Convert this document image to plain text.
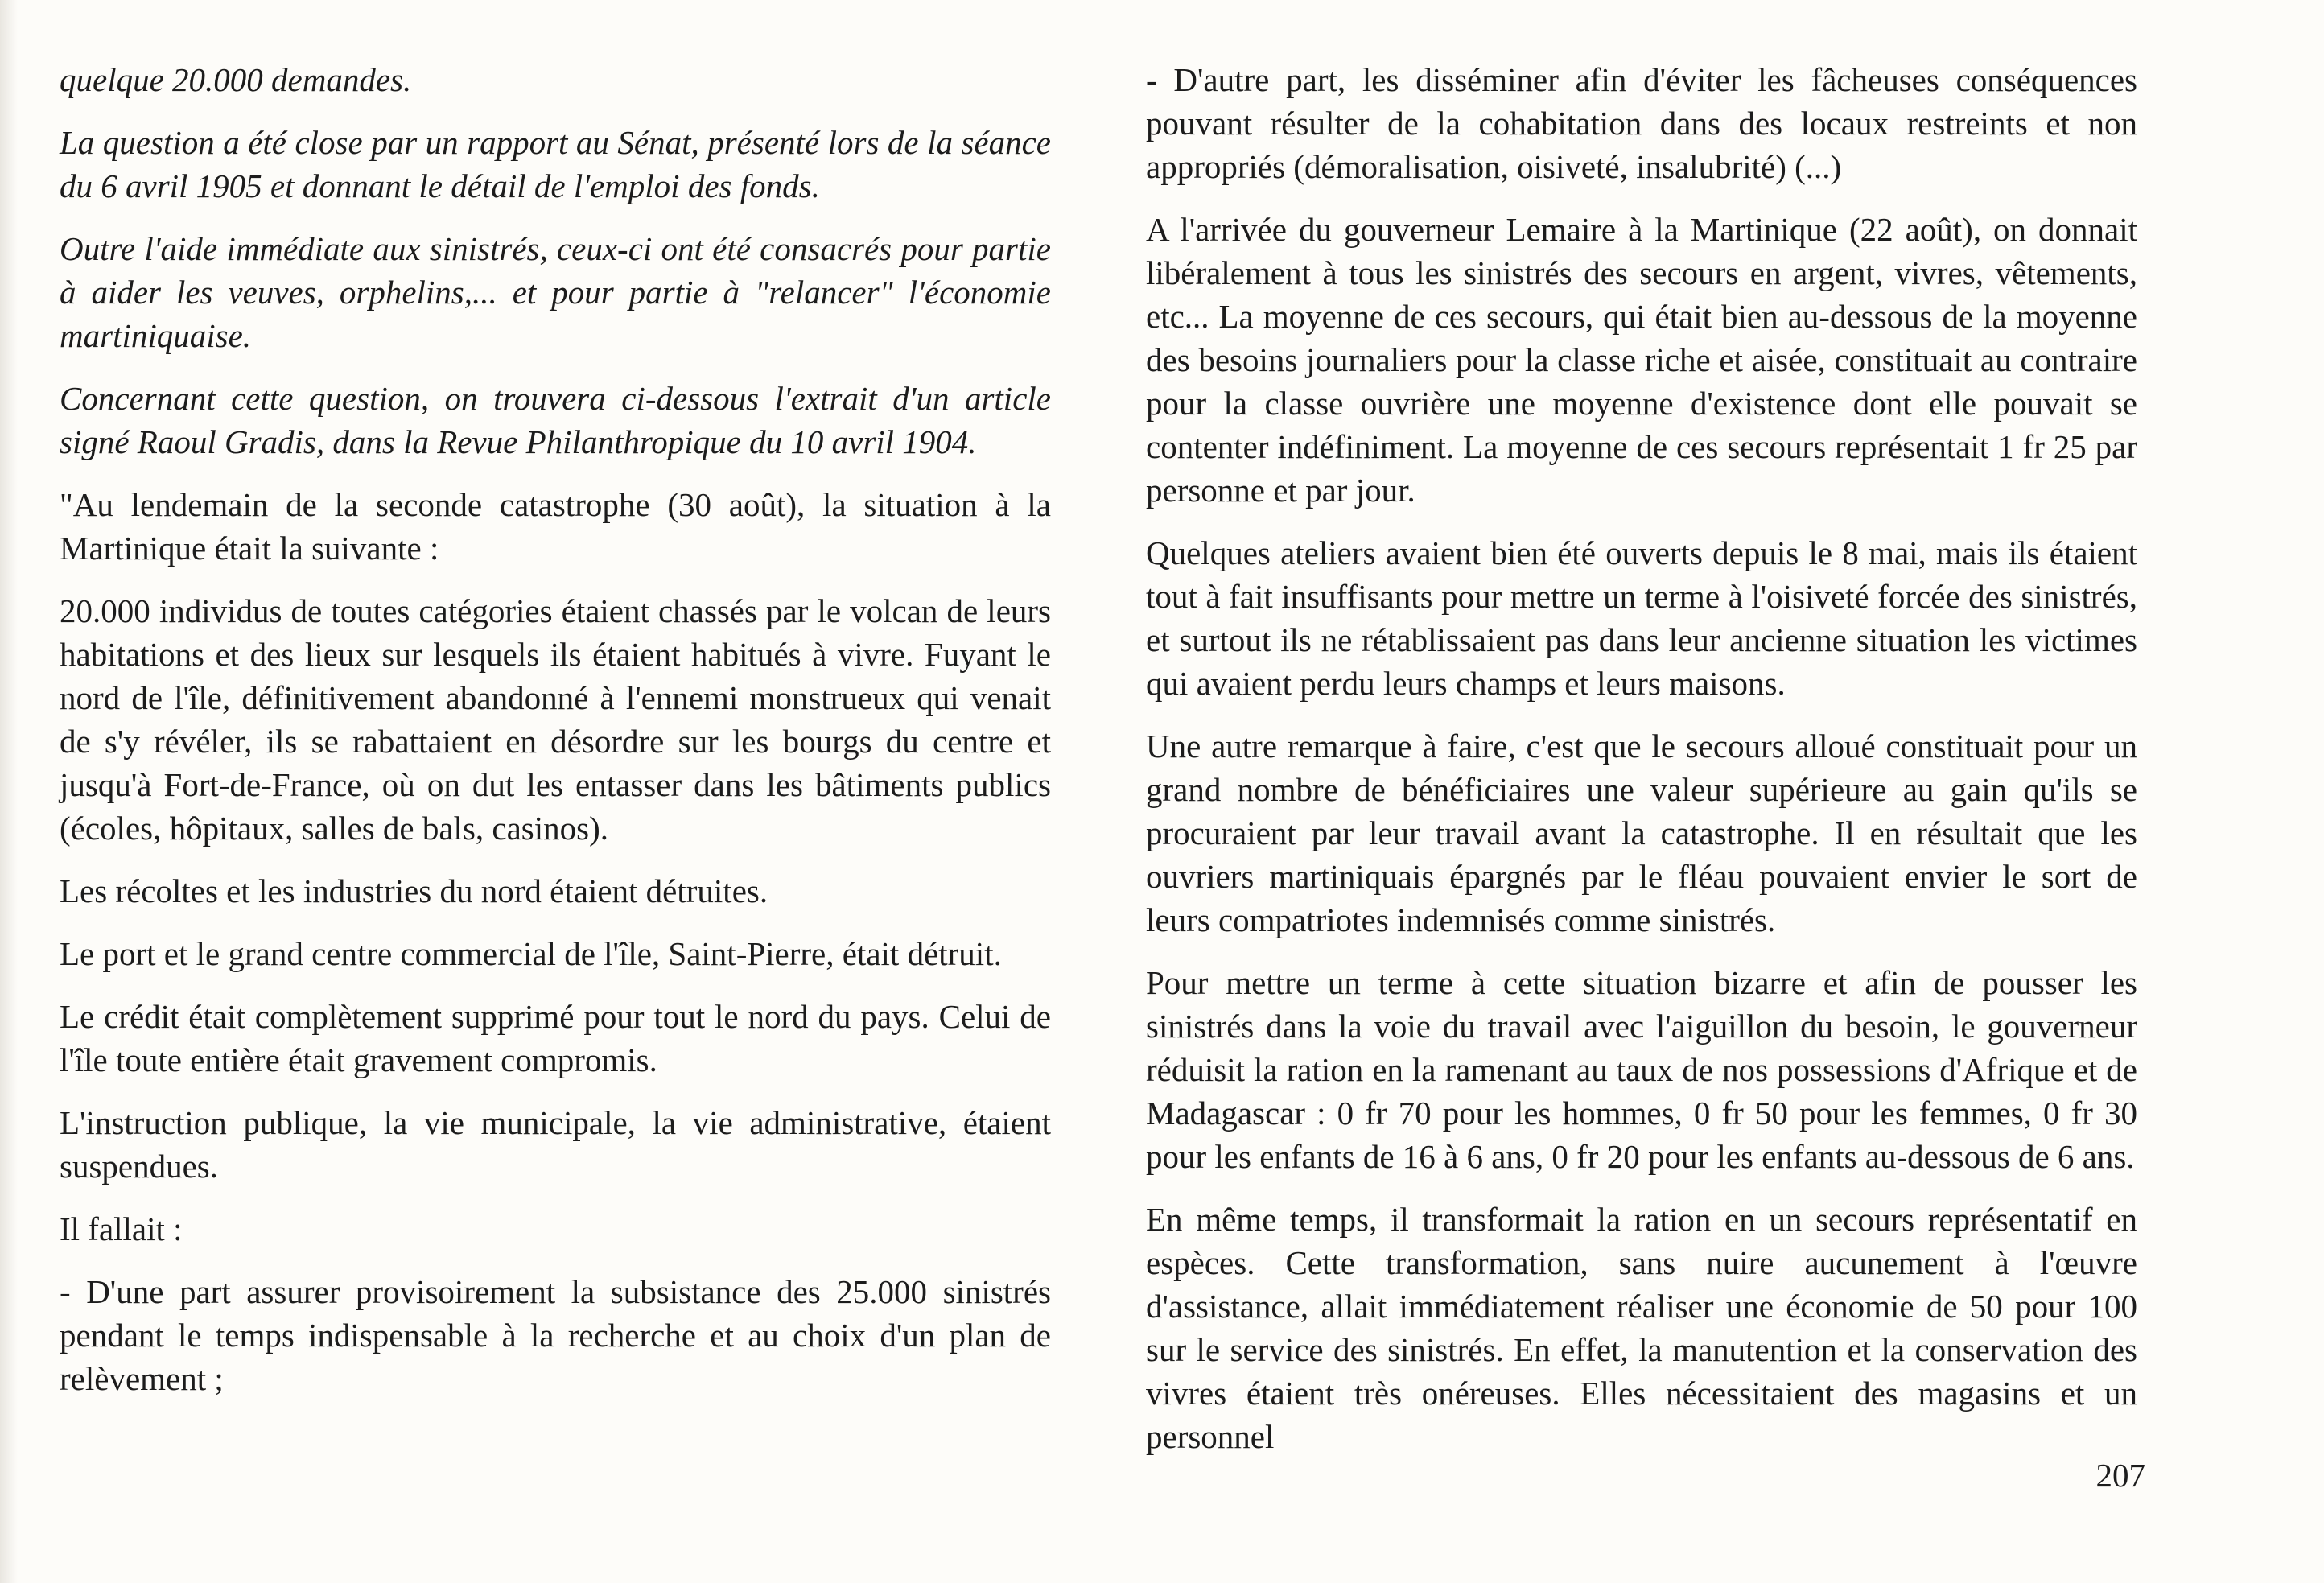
quelque 20.000 demandes.

La question a été close par un rapport au Sénat, présenté lors de la séance du 6 avril 1905 et donnant le détail de l'emploi des fonds.

Outre l'aide immédiate aux sinistrés, ceux-ci ont été consacrés pour partie à aider les veuves, orphelins,... et pour partie à "relancer" l'économie martiniquaise.

Concernant cette question, on trouvera ci-dessous l'extrait d'un article signé Raoul Gradis, dans la Revue Philanthropique du 10 avril 1904.

"Au lendemain de la seconde catastrophe (30 août), la situation à la Martinique était la suivante :

20.000 individus de toutes catégories étaient chassés par le volcan de leurs habitations et des lieux sur lesquels ils étaient habitués à vivre. Fuyant le nord de l'île, définitivement abandonné à l'ennemi monstrueux qui venait de s'y révéler, ils se rabattaient en désordre sur les bourgs du centre et jusqu'à Fort-de-France, où on dut les entasser dans les bâtiments publics (écoles, hôpitaux, salles de bals, casinos).

Les récoltes et les industries du nord étaient détruites.

Le port et le grand centre commercial de l'île, Saint-Pierre, était détruit.

Le crédit était complètement supprimé pour tout le nord du pays. Celui de l'île toute entière était gravement compromis.

L'instruction publique, la vie municipale, la vie administrative, étaient suspendues.

Il fallait :

- D'une part assurer provisoirement la subsistance des 25.000 sinistrés pendant le temps indispensable à la recherche et au choix d'un plan de relèvement ;

- D'autre part, les disséminer afin d'éviter les fâcheuses conséquences pouvant résulter de la cohabitation dans des locaux restreints et non appropriés (démoralisation, oisiveté, insalubrité) (...)

A l'arrivée du gouverneur Lemaire à la Martinique (22 août), on donnait libéralement à tous les sinistrés des secours en argent, vivres, vêtements, etc... La moyenne de ces secours, qui était bien au-dessous de la moyenne des besoins journaliers pour la classe riche et aisée, constituait au contraire pour la classe ouvrière une moyenne d'existence dont elle pouvait se contenter indéfiniment. La moyenne de ces secours représentait 1 fr 25 par personne et par jour.

Quelques ateliers avaient bien été ouverts depuis le 8 mai, mais ils étaient tout à fait insuffisants pour mettre un terme à l'oisiveté forcée des sinistrés, et surtout ils ne rétablissaient pas dans leur ancienne situation les victimes qui avaient perdu leurs champs et leurs maisons.

Une autre remarque à faire, c'est que le secours alloué constituait pour un grand nombre de bénéficiaires une valeur supérieure au gain qu'ils se procuraient par leur travail avant la catastrophe. Il en résultait que les ouvriers martiniquais épargnés par le fléau pouvaient envier le sort de leurs compatriotes indemnisés comme sinistrés.

Pour mettre un terme à cette situation bizarre et afin de pousser les sinistrés dans la voie du travail avec l'aiguillon du besoin, le gouverneur réduisit la ration en la ramenant au taux de nos possessions d'Afrique et de Madagascar : 0 fr 70 pour les hommes, 0 fr 50 pour les femmes, 0 fr 30 pour les enfants de 16 à 6 ans, 0 fr 20 pour les enfants au-dessous de 6 ans.

En même temps, il transformait la ration en un secours représentatif en espèces. Cette transformation, sans nuire aucunement à l'œuvre d'assistance, allait immédiatement réaliser une économie de 50 pour 100 sur le service des sinistrés. En effet, la manutention et la conservation des vivres étaient très onéreuses. Elles nécessitaient des magasins et un personnel

207
